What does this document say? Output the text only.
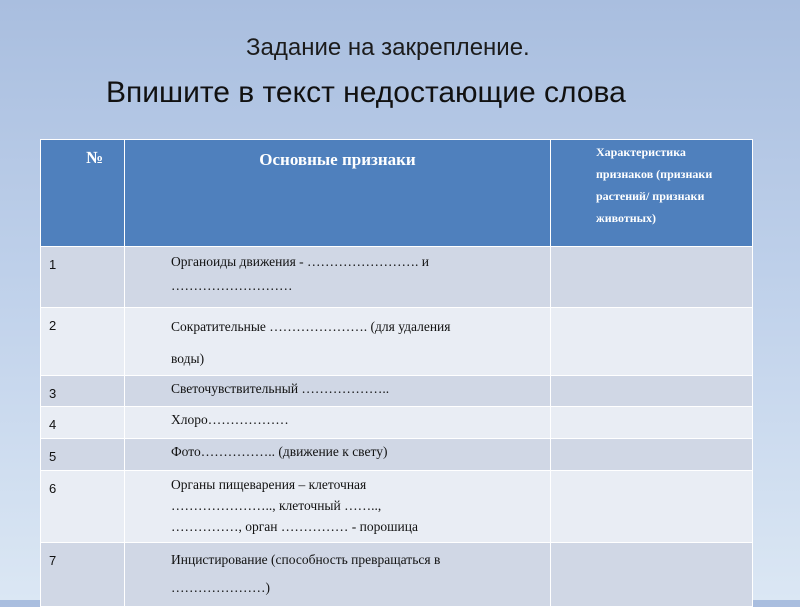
Задание на закрепление.
Впишите в текст недостающие слова
№	Основные признаки	Характеристика
признаков (признаки
растений/ признаки
животных)

1	Органоиды движения - ……………………. и
………………………	

2	Сократительные …………………. (для удаления
воды)	

3	Светочувствительный ………………..	

4	Хлоро………………	

5	Фото…………….. (движение к свету)	

6	Органы пищеварения – клеточная
………………….., клеточный ……..,
……………, орган …………… - порошица	

7	Инцистирование (способность превращаться в
…………………)	
